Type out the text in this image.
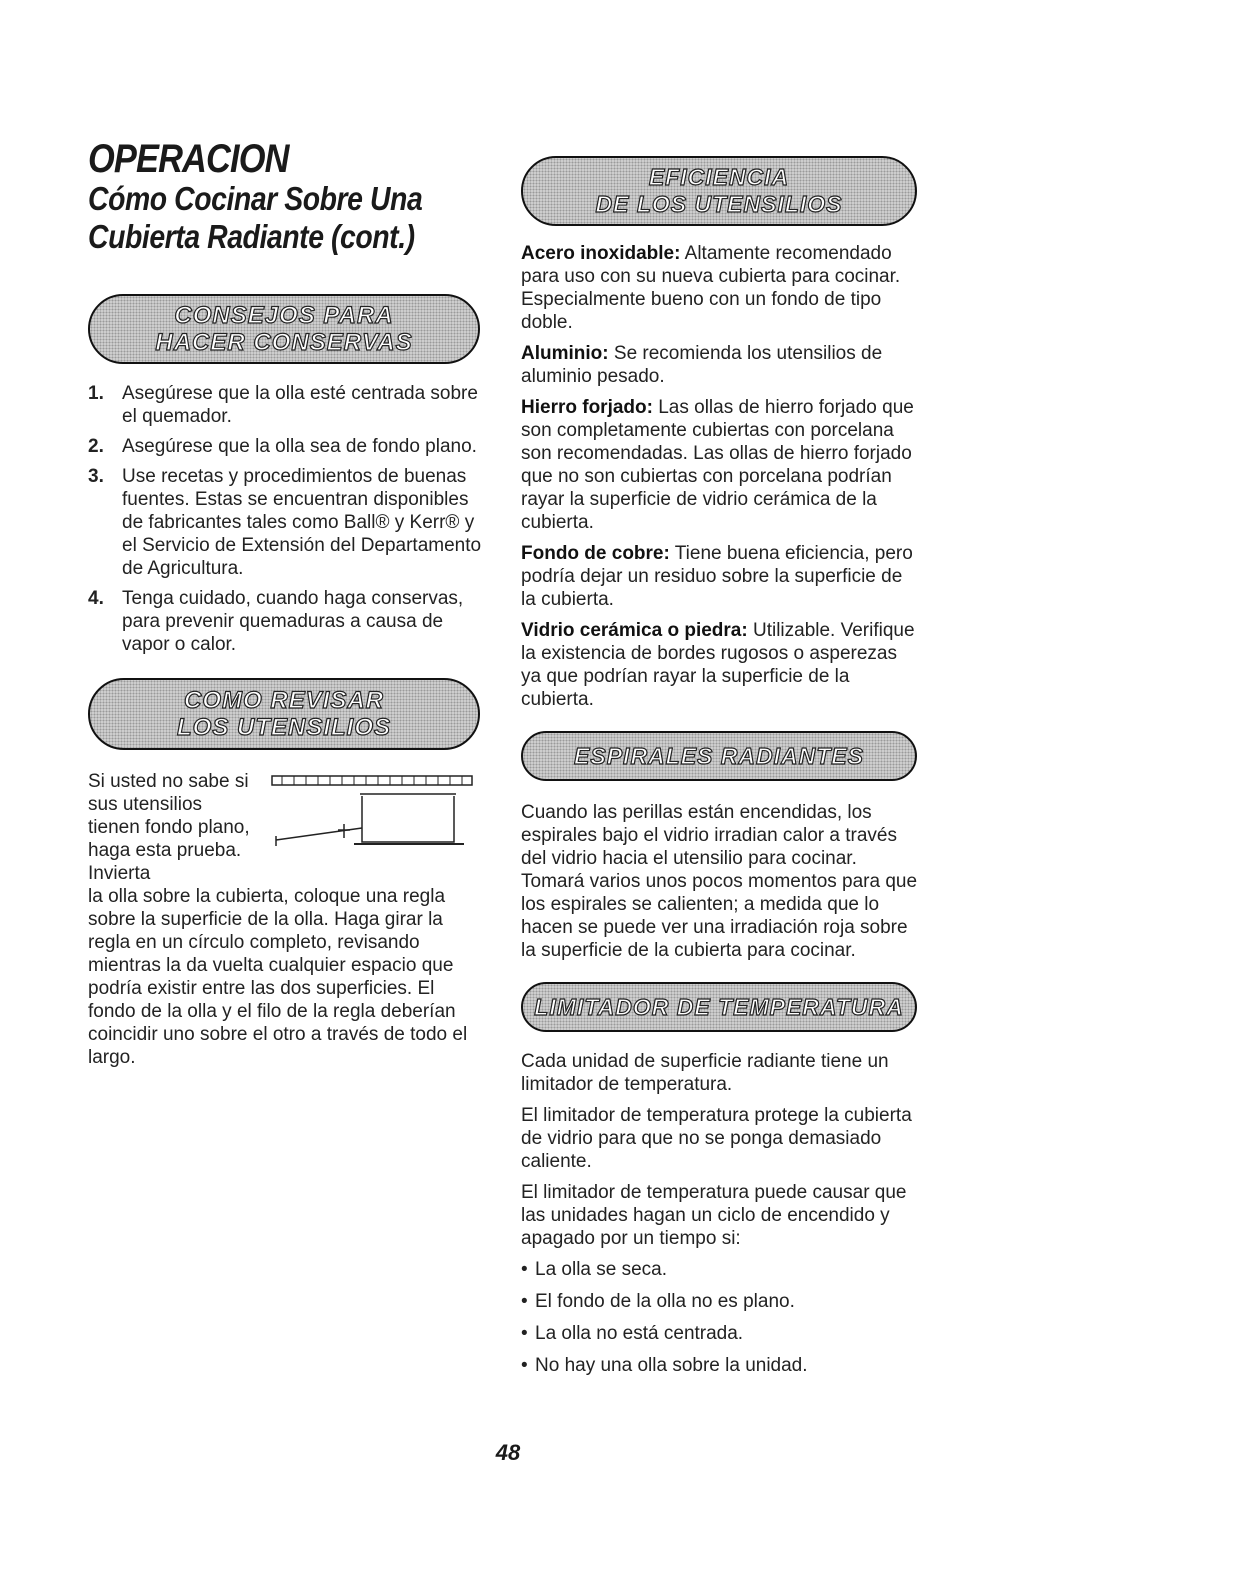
OPERACION
Cómo Cocinar Sobre Una
Cubierta Radiante (cont.)
CONSEJOS PARA
HACER CONSERVAS
1. Asegúrese que la olla esté centrada sobre el quemador.
2. Asegúrese que la olla sea de fondo plano.
3. Use recetas y procedimientos de buenas fuentes. Estas se encuentran disponibles de fabricantes tales como Ball® y Kerr® y el Servicio de Extensión del Departamento de Agricultura.
4. Tenga cuidado, cuando haga conservas, para prevenir quemaduras a causa de vapor o calor.
COMO REVISAR
LOS UTENSILIOS
Si usted no sabe si sus utensilios tienen fondo plano, haga esta prueba. Invierta
la olla sobre la cubierta, coloque una regla sobre la superficie de la olla. Haga girar la regla en un círculo completo, revisando mientras la da vuelta cualquier espacio que podría existir entre las dos superficies. El fondo de la olla y el filo de la regla deberían coincidir uno sobre el otro a través de todo el largo.
EFICIENCIA
DE LOS UTENSILIOS

Acero inoxidable: Altamente recomendado para uso con su nueva cubierta para cocinar. Especialmente bueno con un fondo de tipo doble.

Aluminio: Se recomienda los utensilios de aluminio pesado.

Hierro forjado: Las ollas de hierro forjado que son completamente cubiertas con porcelana son recomendadas. Las ollas de hierro forjado que no son cubiertas con porcelana podrían rayar la superficie de vidrio cerámica de la cubierta.

Fondo de cobre: Tiene buena eficiencia, pero podría dejar un residuo sobre la superficie de la cubierta.

Vidrio cerámica o piedra: Utilizable. Verifique la existencia de bordes rugosos o asperezas ya que podrían rayar la superficie de la cubierta.

ESPIRALES RADIANTES

Cuando las perillas están encendidas, los espirales bajo el vidrio irradian calor a través del vidrio hacia el utensilio para cocinar. Tomará varios unos pocos momentos para que los espirales se calienten; a medida que lo hacen se puede ver una irradiación roja sobre la superficie de la cubierta para cocinar.

LIMITADOR DE TEMPERATURA

Cada unidad de superficie radiante tiene un limitador de temperatura.

El limitador de temperatura protege la cubierta de vidrio para que no se ponga demasiado caliente.

El limitador de temperatura puede causar que las unidades hagan un ciclo de encendido y apagado por un tiempo si:

• La olla se seca.
• El fondo de la olla no es plano.
• La olla no está centrada.
• No hay una olla sobre la unidad.
48
